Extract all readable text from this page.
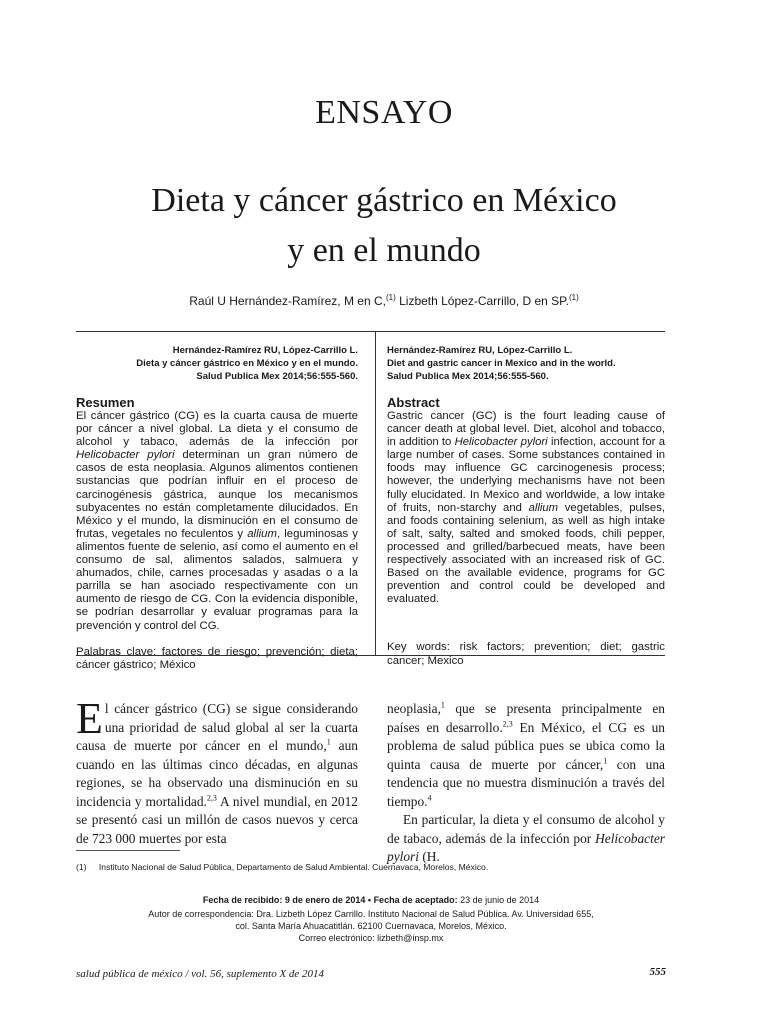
ENSAYO
Dieta y cáncer gástrico en México
y en el mundo
Raúl U Hernández-Ramírez, M en C,$^{(1)}$ Lizbeth López-Carrillo, D en SP.$^{(1)}$
Hernández-Ramírez RU, López-Carrillo L.
Dieta y cáncer gástrico en México y en el mundo.
Salud Publica Mex 2014;56:555-560.
Hernández-Ramírez RU, López-Carrillo L.
Diet and gastric cancer in Mexico and in the world.
Salud Publica Mex 2014;56:555-560.
Resumen

El cáncer gástrico (CG) es la cuarta causa de muerte por cáncer a nivel global. La dieta y el consumo de alcohol y tabaco, además de la infección por Helicobacter pylori determinan un gran número de casos de esta neoplasia. Algunos alimentos contienen sustancias que podrían influir en el proceso de carcinogénesis gástrica, aunque los mecanismos subyacentes no están completamente dilucidados. En México y el mundo, la disminución en el consumo de frutas, vegetales no feculentos y allium, leguminosas y alimentos fuente de selenio, así como el aumento en el consumo de sal, alimentos salados, salmuera y ahumados, chile, carnes procesadas y asadas o a la parrilla se han asociado respectivamente con un aumento de riesgo de CG. Con la evidencia disponible, se podrían desarrollar y evaluar programas para la prevención y control del CG.

Palabras clave: factores de riesgo; prevención; dieta; cáncer gástrico; México

Abstract

Gastric cancer (GC) is the fourt leading cause of cancer death at global level. Diet, alcohol and tobacco, in addition to Helicobacter pylori infection, account for a large number of cases. Some substances contained in foods may influence GC carcinogenesis process; however, the underlying mechanisms have not been fully elucidated. In Mexico and worldwide, a low intake of fruits, non-starchy and allium vegetables, pulses, and foods containing selenium, as well as high intake of salt, salty, salted and smoked foods, chili pepper, processed and grilled/barbecued meats, have been respectively associated with an increased risk of GC. Based on the available evidence, programs for GC prevention and control could be developed and evaluated.

Key words: risk factors; prevention; diet; gastric cancer; Mexico

El cáncer gástrico (CG) se sigue considerando una prioridad de salud global al ser la cuarta causa de muerte por cáncer en el mundo,$^1$ aun cuando en las últimas cinco décadas, en algunas regiones, se ha observado una disminución en su incidencia y mortalidad.$^{2,3}$ A nivel mundial, en 2012 se presentó casi un millón de casos nuevos y cerca de 723 000 muertes por esta

neoplasia,$^1$ que se presenta principalmente en países en desarrollo.$^{2,3}$ En México, el CG es un problema de salud pública pues se ubica como la quinta causa de muerte por cáncer,$^1$ con una tendencia que no muestra disminución a través del tiempo.$^4$

En particular, la dieta y el consumo de alcohol y de tabaco, además de la infección por Helicobacter pylori (H.

(1) Instituto Nacional de Salud Pública, Departamento de Salud Ambiental. Cuernavaca, Morelos, México.
Fecha de recibido: 9 de enero de 2014 • Fecha de aceptado: 23 de junio de 2014
Autor de correspondencia: Dra. Lizbeth López Carrillo. Instituto Nacional de Salud Pública. Av. Universidad 655,
col. Santa María Ahuacatitlán. 62100 Cuernavaca, Morelos, México.
Correo electrónico: lizbeth@insp.mx
salud pública de méxico / vol. 56, suplemento X de 2014	555
